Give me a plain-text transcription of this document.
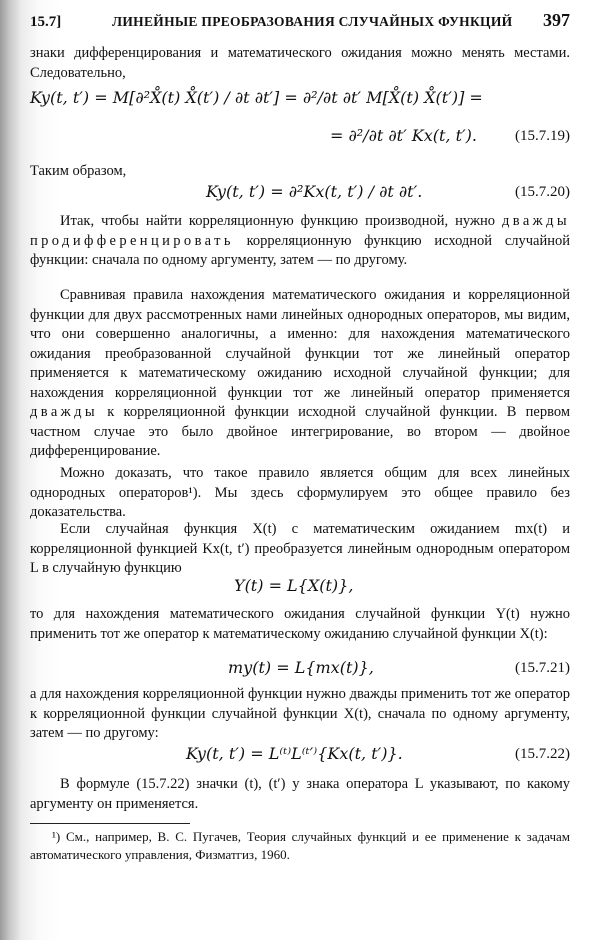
15.7]	ЛИНЕЙНЫЕ ПРЕОБРАЗОВАНИЯ СЛУЧАЙНЫХ ФУНКЦИЙ 397
знаки дифференцирования и математического ожидания можно менять местами. Следовательно,
Ky(t, t′) = M[∂²X̊(t) X̊(t′) / ∂t ∂t′] = ∂²/∂t ∂t′ M[X̊(t) X̊(t′)] =
= ∂²/∂t ∂t′ Kx(t, t′).	(15.7.19)
Таким образом,
Ky(t, t′) = ∂²Kx(t, t′) / ∂t ∂t′.	(15.7.20)
Итак, чтобы найти корреляционную функцию производной, нужно дважды продифференцировать корреляционную функцию исходной случайной функции: сначала по одному аргументу, затем — по другому.
Сравнивая правила нахождения математического ожидания и корреляционной функции для двух рассмотренных нами линейных однородных операторов, мы видим, что они совершенно аналогичны, а именно: для нахождения математического ожидания преобразованной случайной функции тот же линейный оператор применяется к математическому ожиданию исходной случайной функции; для нахождения корреляционной функции тот же линейный оператор применяется дважды к корреляционной функции исходной случайной функции. В первом частном случае это было двойное интегрирование, во втором — двойное дифференцирование.
Можно доказать, что такое правило является общим для всех линейных однородных операторов¹). Мы здесь сформулируем это общее правило без доказательства.
Если случайная функция X(t) с математическим ожиданием mx(t) и корреляционной функцией Kx(t, t′) преобразуется линейным однородным оператором L в случайную функцию
Y(t) = L{X(t)},
то для нахождения математического ожидания случайной функции Y(t) нужно применить тот же оператор к математическому ожиданию случайной функции X(t):
my(t) = L{mx(t)},	(15.7.21)
а для нахождения корреляционной функции нужно дважды применить тот же оператор к корреляционной функции случайной функции X(t), сначала по одному аргументу, затем — по другому:
Ky(t, t′) = L⁽ᵗ⁾L⁽ᵗ′⁾{Kx(t, t′)}.	(15.7.22)
В формуле (15.7.22) значки (t), (t′) у знака оператора L указывают, по какому аргументу он применяется.
¹) См., например, В. С. Пугачев, Теория случайных функций и ее применение к задачам автоматического управления, Физматгиз, 1960.
